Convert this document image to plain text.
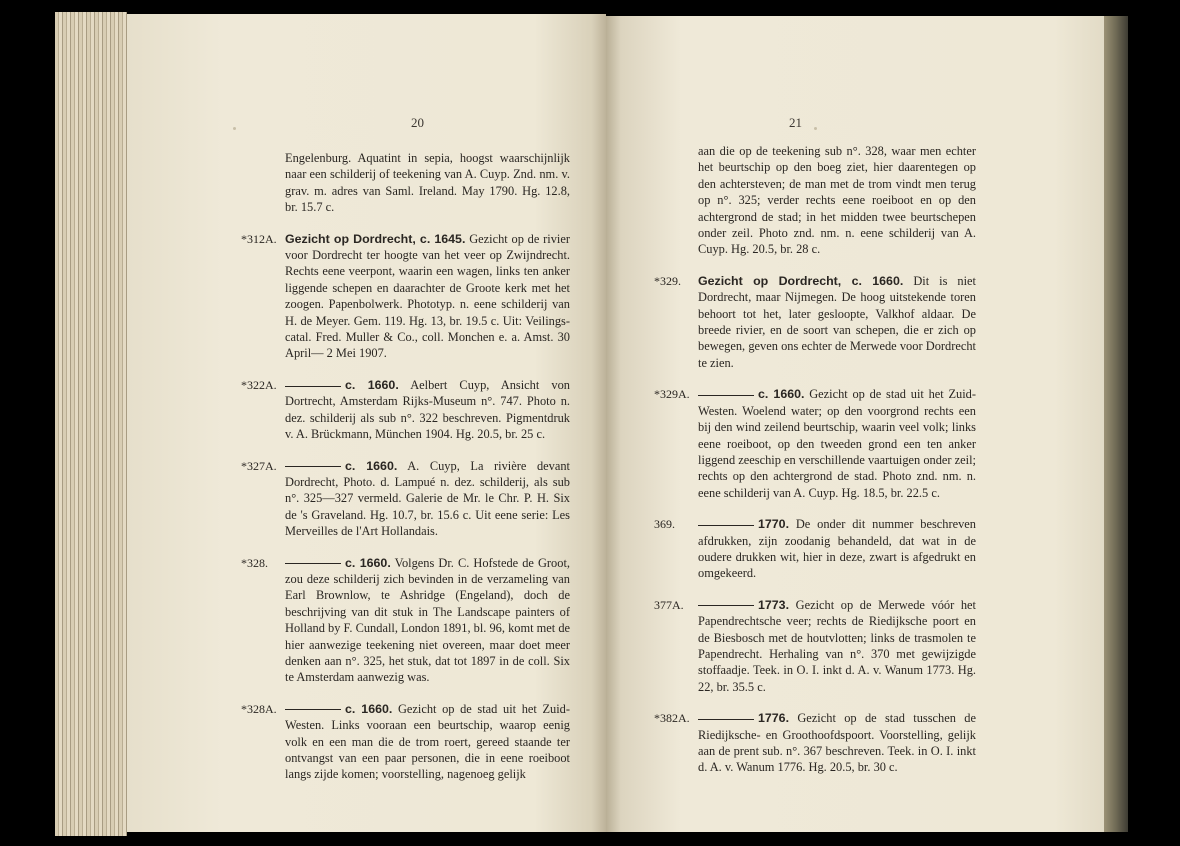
20	21
Engelenburg. Aquatint in sepia, hoogst waarschijnlijk naar een schilderij of teekening van A. Cuyp. Znd. nm. v. grav. m. adres van Saml. Ireland. May 1790. Hg. 12.8, br. 15.7 c.
*312A. Gezicht op Dordrecht, c. 1645. Gezicht op de rivier voor Dordrecht ter hoogte van het veer op Zwijndrecht. Rechts eene veerpont, waarin een wagen, links ten anker liggende schepen en daarachter de Groote kerk met het zoogen. Papenbolwerk. Phototyp. n. eene schilderij van H. de Meyer. Gem. 119. Hg. 13, br. 19.5 c. Uit: Veilings-catal. Fred. Muller & Co., coll. Monchen e. a. Amst. 30 April— 2 Mei 1907.
*322A.	c. 1660. Aelbert Cuyp, Ansicht von Dortrecht, Amsterdam Rijks-Museum n°. 747. Photo n. dez. schilderij als sub n°. 322 beschreven. Pigmentdruk v. A. Brückmann, München 1904. Hg. 20.5, br. 25 c.
*327A.	c. 1660. A. Cuyp, La rivière devant Dordrecht, Photo. d. Lampué n. dez. schilderij, als sub n°. 325—327 vermeld. Galerie de Mr. le Chr. P. H. Six de 's Graveland. Hg. 10.7, br. 15.6 c. Uit eene serie: Les Merveilles de l'Art Hollandais.
*328.	c. 1660. Volgens Dr. C. Hofstede de Groot, zou deze schilderij zich bevinden in de verzameling van Earl Brownlow, te Ashridge (Engeland), doch de beschrijving van dit stuk in The Landscape painters of Holland by F. Cundall, London 1891, bl. 96, komt met de hier aanwezige teekening niet overeen, maar doet meer denken aan n°. 325, het stuk, dat tot 1897 in de coll. Six te Amsterdam aanwezig was.
*328A.	c. 1660. Gezicht op de stad uit het Zuid-Westen. Links vooraan een beurtschip, waarop eenig volk en een man die de trom roert, gereed staande ter ontvangst van een paar personen, die in eene roeiboot langs zijde komen; voorstelling, nagenoeg gelijk
aan die op de teekening sub n°. 328, waar men echter het beurtschip op den boeg ziet, hier daarentegen op den achtersteven; de man met de trom vindt men terug op n°. 325; verder rechts eene roeiboot en op den achtergrond de stad; in het midden twee beurtschepen onder zeil. Photo znd. nm. n. eene schilderij van A. Cuyp. Hg. 20.5, br. 28 c.
*329. Gezicht op Dordrecht, c. 1660. Dit is niet Dordrecht, maar Nijmegen. De hoog uitstekende toren behoort tot het, later gesloopte, Valkhof aldaar. De breede rivier, en de soort van schepen, die er zich op bewegen, geven ons echter de Merwede voor Dordrecht te zien.
*329A.	c. 1660. Gezicht op de stad uit het Zuid-Westen. Woelend water; op den voorgrond rechts een bij den wind zeilend beurtschip, waarin veel volk; links eene roeiboot, op den tweeden grond een ten anker liggend zeeschip en verschillende vaartuigen onder zeil; rechts op den achtergrond de stad. Photo znd. nm. n. eene schilderij van A. Cuyp. Hg. 18.5, br. 22.5 c.
369.	1770. De onder dit nummer beschreven afdrukken, zijn zoodanig behandeld, dat wat in de oudere drukken wit, hier in deze, zwart is afgedrukt en omgekeerd.
377A.	1773. Gezicht op de Merwede vóór het Papendrechtsche veer; rechts de Riedijksche poort en de Biesbosch met de houtvlotten; links de trasmolen te Papendrecht. Herhaling van n°. 370 met gewijzigde stoffaadje. Teek. in O. I. inkt d. A. v. Wanum 1773. Hg. 22, br. 35.5 c.
*382A.	1776. Gezicht op de stad tusschen de Riedijksche- en Groothoofdspoort. Voorstelling, gelijk aan de prent sub. n°. 367 beschreven. Teek. in O. I. inkt d. A. v. Wanum 1776. Hg. 20.5, br. 30 c.
